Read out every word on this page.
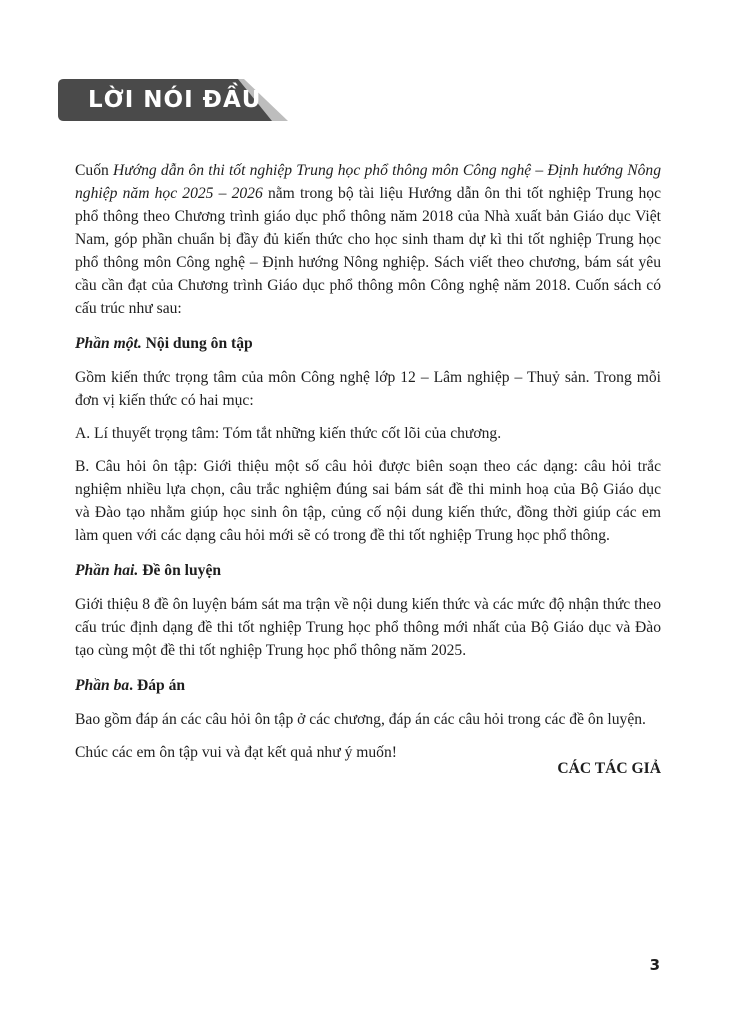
LỜI NÓI ĐẦU

Cuốn Hướng dẫn ôn thi tốt nghiệp Trung học phổ thông môn Công nghệ – Định hướng Nông nghiệp năm học 2025 – 2026 nằm trong bộ tài liệu Hướng dẫn ôn thi tốt nghiệp Trung học phổ thông theo Chương trình giáo dục phổ thông năm 2018 của Nhà xuất bản Giáo dục Việt Nam, góp phần chuẩn bị đầy đủ kiến thức cho học sinh tham dự kì thi tốt nghiệp Trung học phổ thông môn Công nghệ – Định hướng Nông nghiệp. Sách viết theo chương, bám sát yêu cầu cần đạt của Chương trình Giáo dục phổ thông môn Công nghệ năm 2018. Cuốn sách có cấu trúc như sau:

Phần một. Nội dung ôn tập

Gồm kiến thức trọng tâm của môn Công nghệ lớp 12 – Lâm nghiệp – Thuỷ sản. Trong mỗi đơn vị kiến thức có hai mục:

A. Lí thuyết trọng tâm: Tóm tắt những kiến thức cốt lõi của chương.

B. Câu hỏi ôn tập: Giới thiệu một số câu hỏi được biên soạn theo các dạng: câu hỏi trắc nghiệm nhiều lựa chọn, câu trắc nghiệm đúng sai bám sát đề thi minh hoạ của Bộ Giáo dục và Đào tạo nhằm giúp học sinh ôn tập, củng cố nội dung kiến thức, đồng thời giúp các em làm quen với các dạng câu hỏi mới sẽ có trong đề thi tốt nghiệp Trung học phổ thông.

Phần hai. Đề ôn luyện

Giới thiệu 8 đề ôn luyện bám sát ma trận về nội dung kiến thức và các mức độ nhận thức theo cấu trúc định dạng đề thi tốt nghiệp Trung học phổ thông mới nhất của Bộ Giáo dục và Đào tạo cùng một đề thi tốt nghiệp Trung học phổ thông năm 2025.

Phần ba. Đáp án

Bao gồm đáp án các câu hỏi ôn tập ở các chương, đáp án các câu hỏi trong các đề ôn luyện.

Chúc các em ôn tập vui và đạt kết quả như ý muốn!

CÁC TÁC GIẢ
3
